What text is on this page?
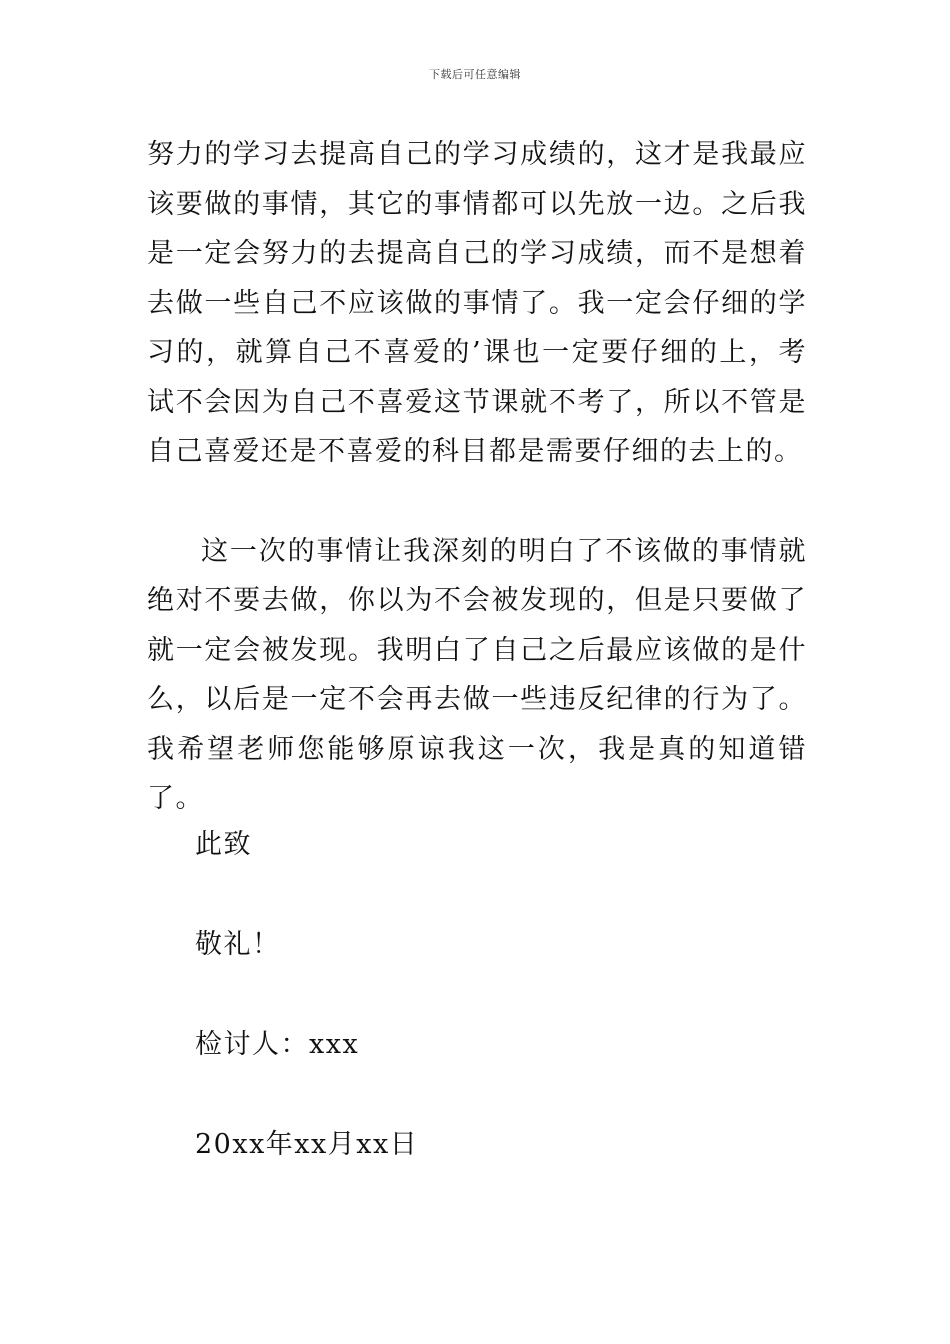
下载后可任意编辑

努力的学习去提高自己的学习成绩的，这才是我最应该要做的事情，其它的事情都可以先放一边。之后我是一定会努力的去提高自己的学习成绩，而不是想着去做一些自己不应该做的事情了。我一定会仔细的学习的，就算自己不喜爱的’课也一定要仔细的上，考试不会因为自己不喜爱这节课就不考了，所以不管是自己喜爱还是不喜爱的科目都是需要仔细的去上的。

这一次的事情让我深刻的明白了不该做的事情就绝对不要去做，你以为不会被发现的，但是只要做了就一定会被发现。我明白了自己之后最应该做的是什么，以后是一定不会再去做一些违反纪律的行为了。我希望老师您能够原谅我这一次，我是真的知道错了。

此致
敬礼！
检讨人：xxx
20xx年xx月xx日
